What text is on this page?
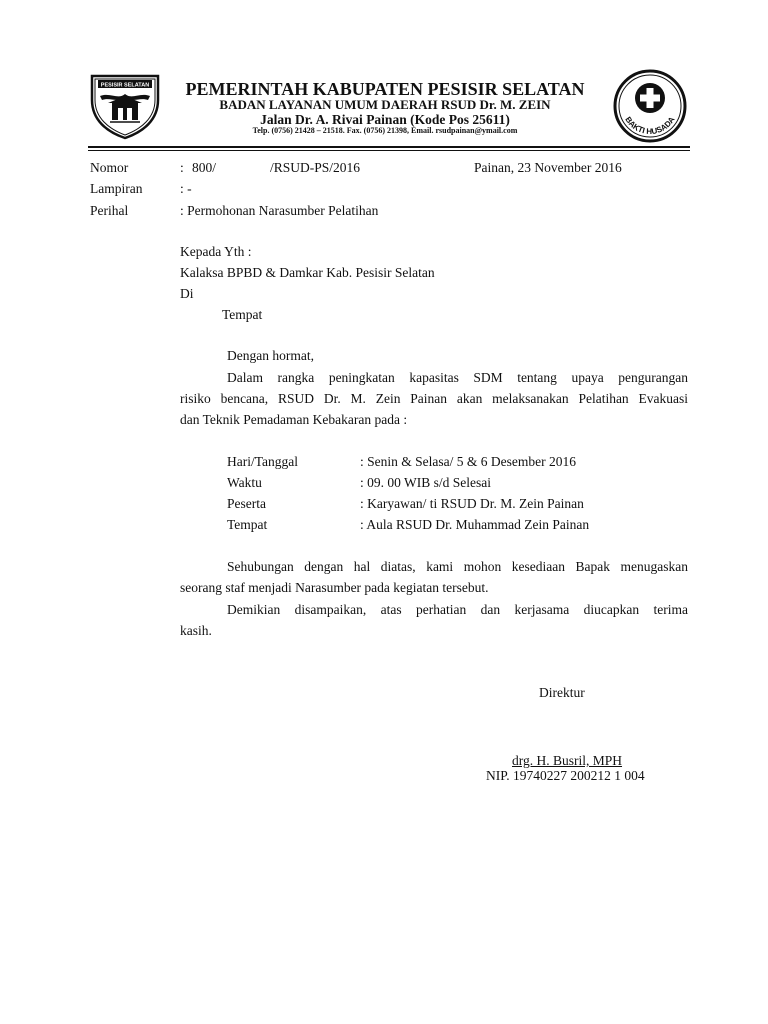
PESISIR SELATAN	PEMERINTAH KABUPATEN PESISIR SELATAN
BADAN LAYANAN UMUM DAERAH RSUD Dr. M. ZEIN
Jalan Dr. A. Rivai Painan (Kode Pos 25611)
Telp. (0756) 21428 – 21518. Fax. (0756) 21398, Email. rsudpainan@ymail.com
BAKTI HUSADA
Nomor	: 800/	/RSUD-PS/2016	Painan, 23 November 2016
Lampiran	: -
Perihal	: Permohonan Narasumber Pelatihan
Kepada Yth :
Kalaksa BPBD & Damkar Kab. Pesisir Selatan
Di
Tempat
Dengan hormat,
Dalam rangka peningkatan kapasitas SDM tentang upaya pengurangan
risiko bencana, RSUD Dr. M. Zein Painan akan melaksanakan Pelatihan Evakuasi
dan Teknik Pemadaman Kebakaran pada :
Hari/Tanggal	: Senin & Selasa/ 5 & 6 Desember 2016
Waktu	: 09. 00 WIB s/d Selesai
Peserta	: Karyawan/ ti RSUD Dr. M. Zein Painan
Tempat	: Aula RSUD Dr. Muhammad Zein Painan
Sehubungan dengan hal diatas, kami mohon kesediaan Bapak menugaskan
seorang staf menjadi Narasumber pada kegiatan tersebut.
Demikian disampaikan, atas perhatian dan kerjasama diucapkan terima
kasih.
Direktur
drg. H. Busril, MPH
NIP. 19740227 200212 1 004
